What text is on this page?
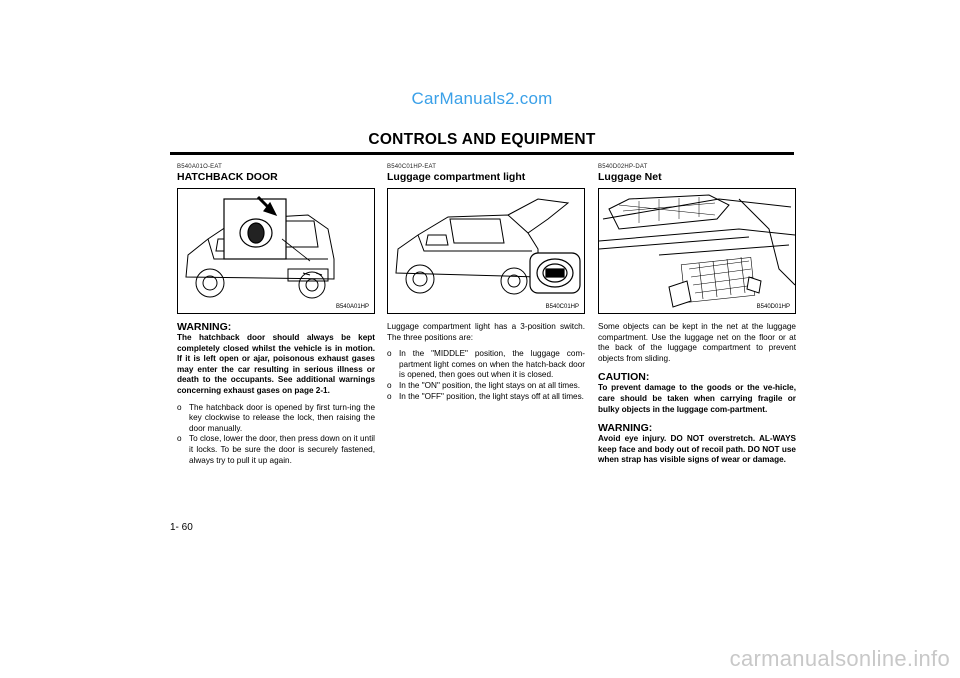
CarManuals2.com
CONTROLS AND EQUIPMENT
B540A01O-EAT
HATCHBACK DOOR
B540A01HP
WARNING:
The hatchback door should always be kept completely closed whilst the vehicle is in motion. If it is left open or ajar, poisonous exhaust gases may enter the car resulting in serious illness or death to the occupants. See additional warnings concerning exhaust gases on page 2-1.
o The hatchback door is opened by first turn-ing the key clockwise to release the lock, then raising the door manually.
o To close, lower the door, then press down on it until it locks. To be sure the door is securely fastened, always try to pull it up again.
B540C01HP-EAT
Luggage compartment light
B540C01HP
Luggage compartment light has a 3-position switch. The three positions are:
o In the "MIDDLE" position, the luggage com-partment light comes on when the hatch-back door is opened, then goes out when it is closed.
o In the "ON" position, the light stays on at all times.
o In the "OFF" position, the light stays off at all times.
B540D02HP-DAT
Luggage Net
B540D01HP
Some objects can be kept in the net at the luggage compartment. Use the luggage net on the floor or at the back of the luggage compartment to prevent objects from sliding.
CAUTION:
To prevent damage to the goods or the ve-hicle, care should be taken when carrying fragile or bulky objects in the luggage com-partment.
WARNING:
Avoid eye injury. DO NOT overstretch. AL-WAYS keep face and body out of recoil path. DO NOT use when strap has visible signs of wear or damage.
1- 60
carmanualsonline.info
